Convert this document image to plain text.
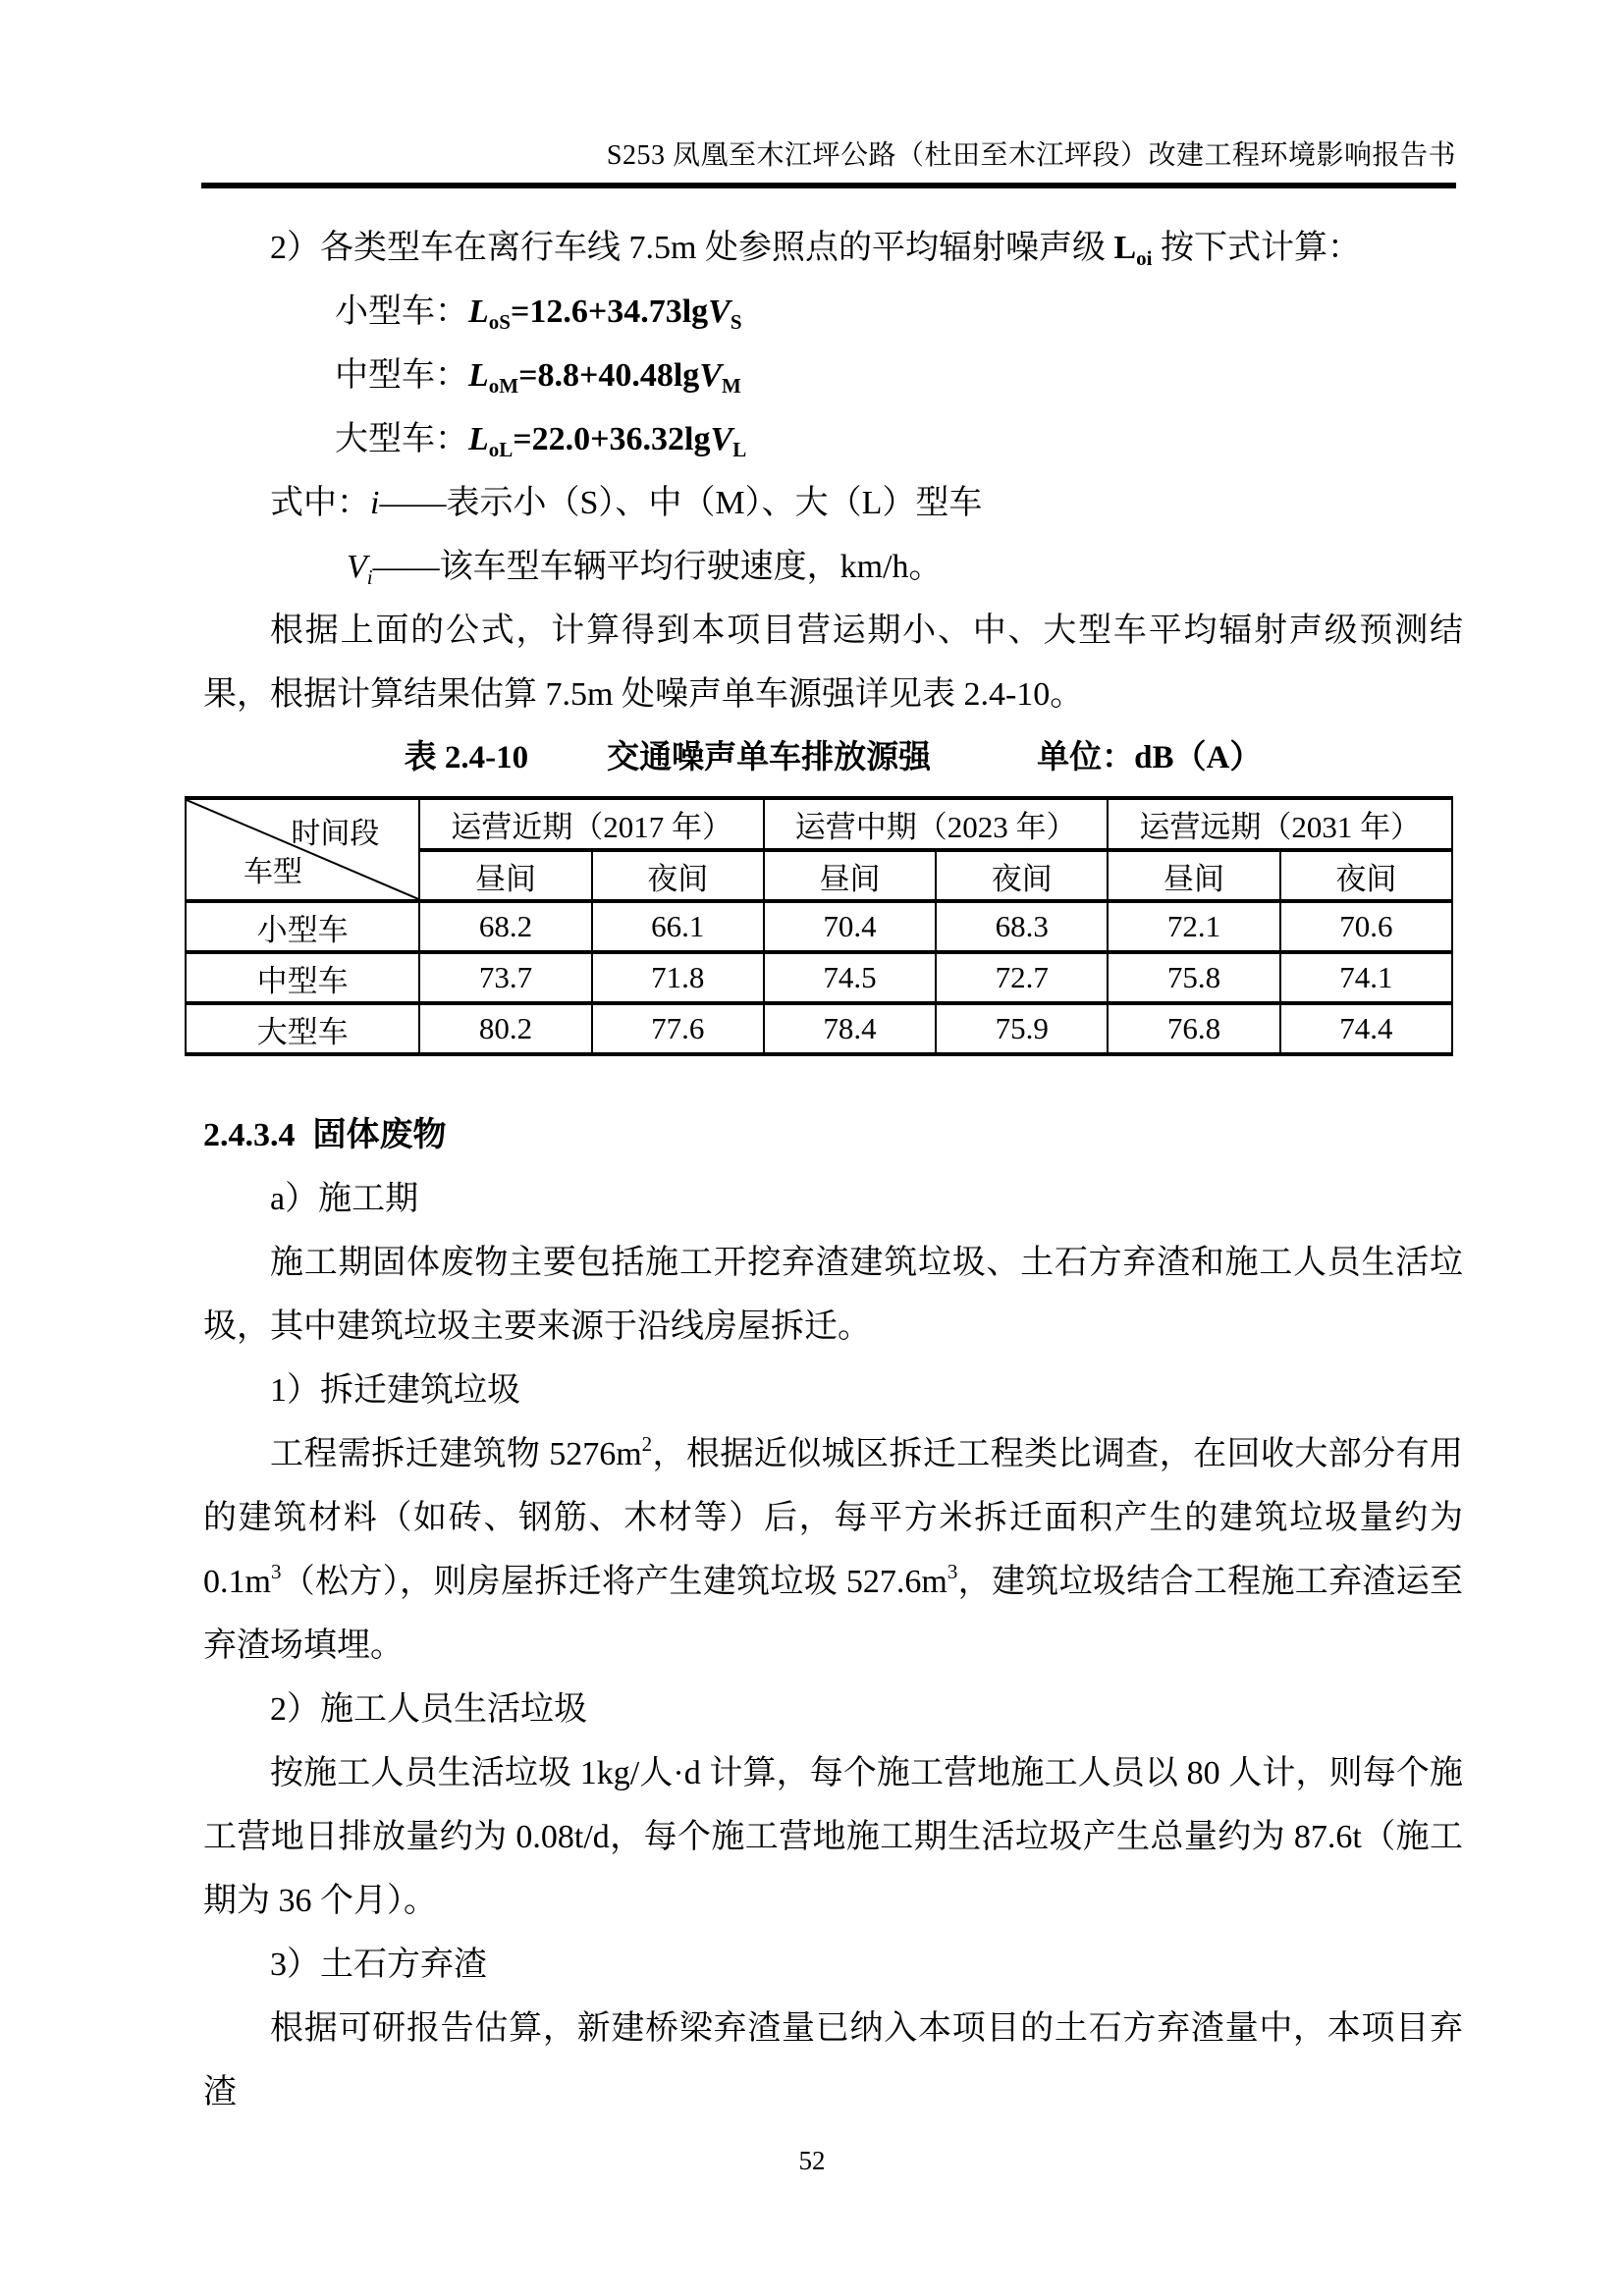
S253 凤凰至木江坪公路（杜田至木江坪段）改建工程环境影响报告书

2）各类型车在离行车线 7.5m 处参照点的平均辐射噪声级 $L_{oi}$ 按下式计算：

小型车：$L_{oS}=12.6+34.73\lg V_S$

中型车：$L_{oM}=8.8+40.48\lg V_M$

大型车：$L_{oL}=22.0+36.32\lg V_L$

式中：i——表示小（S）、中（M）、大（L）型车

$V_i——$该车型车辆平均行驶速度，km/h。

根据上面的公式，计算得到本项目营运期小、中、大型车平均辐射声级预测结果，根据计算结果估算 7.5m 处噪声单车源强详见表 2.4-10。

表 2.4-10 交通噪声单车排放源强	单位：dB（A）
时间段
车型	运营近期（2017 年）		运营中期（2023 年）		运营远期（2031 年）	
	昼间	夜间	昼间	夜间	昼间	夜间
小型车	68.2	66.1	70.4	68.3	72.1	70.6
中型车	73.7	71.8	74.5	72.7	75.8	74.1
大型车	80.2	77.6	78.4	75.9	76.8	74.4
2.4.3.4 固体废物

a）施工期

施工期固体废物主要包括施工开挖弃渣建筑垃圾、土石方弃渣和施工人员生活垃圾，其中建筑垃圾主要来源于沿线房屋拆迁。

1）拆迁建筑垃圾

工程需拆迁建筑物 $5276m^2$，根据近似城区拆迁工程类比调查，在回收大部分有用的建筑材料（如砖、钢筋、木材等）后，每平方米拆迁面积产生的建筑垃圾量约为 $0.1m^3$（松方），则房屋拆迁将产生建筑垃圾 $527.6m^3$，建筑垃圾结合工程施工弃渣运至弃渣场填埋。

2）施工人员生活垃圾

按施工人员生活垃圾 1kg/人·d 计算，每个施工营地施工人员以 80 人计，则每个施工营地日排放量约为 0.08t/d，每个施工营地施工期生活垃圾产生总量约为 87.6t（施工期为 36 个月）。

3）土石方弃渣

根据可研报告估算，新建桥梁弃渣量已纳入本项目的土石方弃渣量中，本项目弃渣

52
